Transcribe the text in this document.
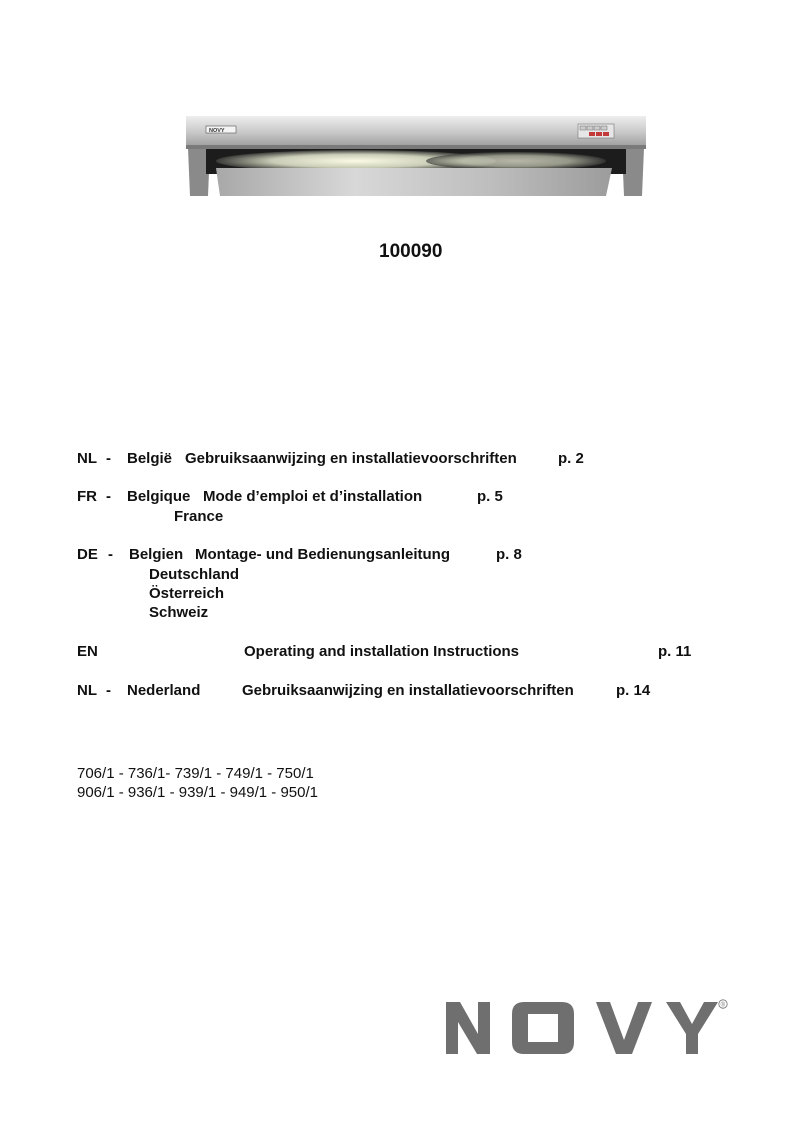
NOVY
100090
NL - België Gebruiksaanwijzing en installatievoorschriften	p. 2
FR - Belgique Mode d’emploi et d’installation	p. 5
France
DE - Belgien Montage- und Bedienungsanleitung	p. 8
Deutschland
Österreich
Schweiz
EN	Operating and installation Instructions	p. 11
NL - Nederland	Gebruiksaanwijzing en installatievoorschriften	p. 14
706/1 - 736/1- 739/1 - 749/1 - 750/1
906/1 - 936/1 - 939/1 - 949/1 - 950/1
®
